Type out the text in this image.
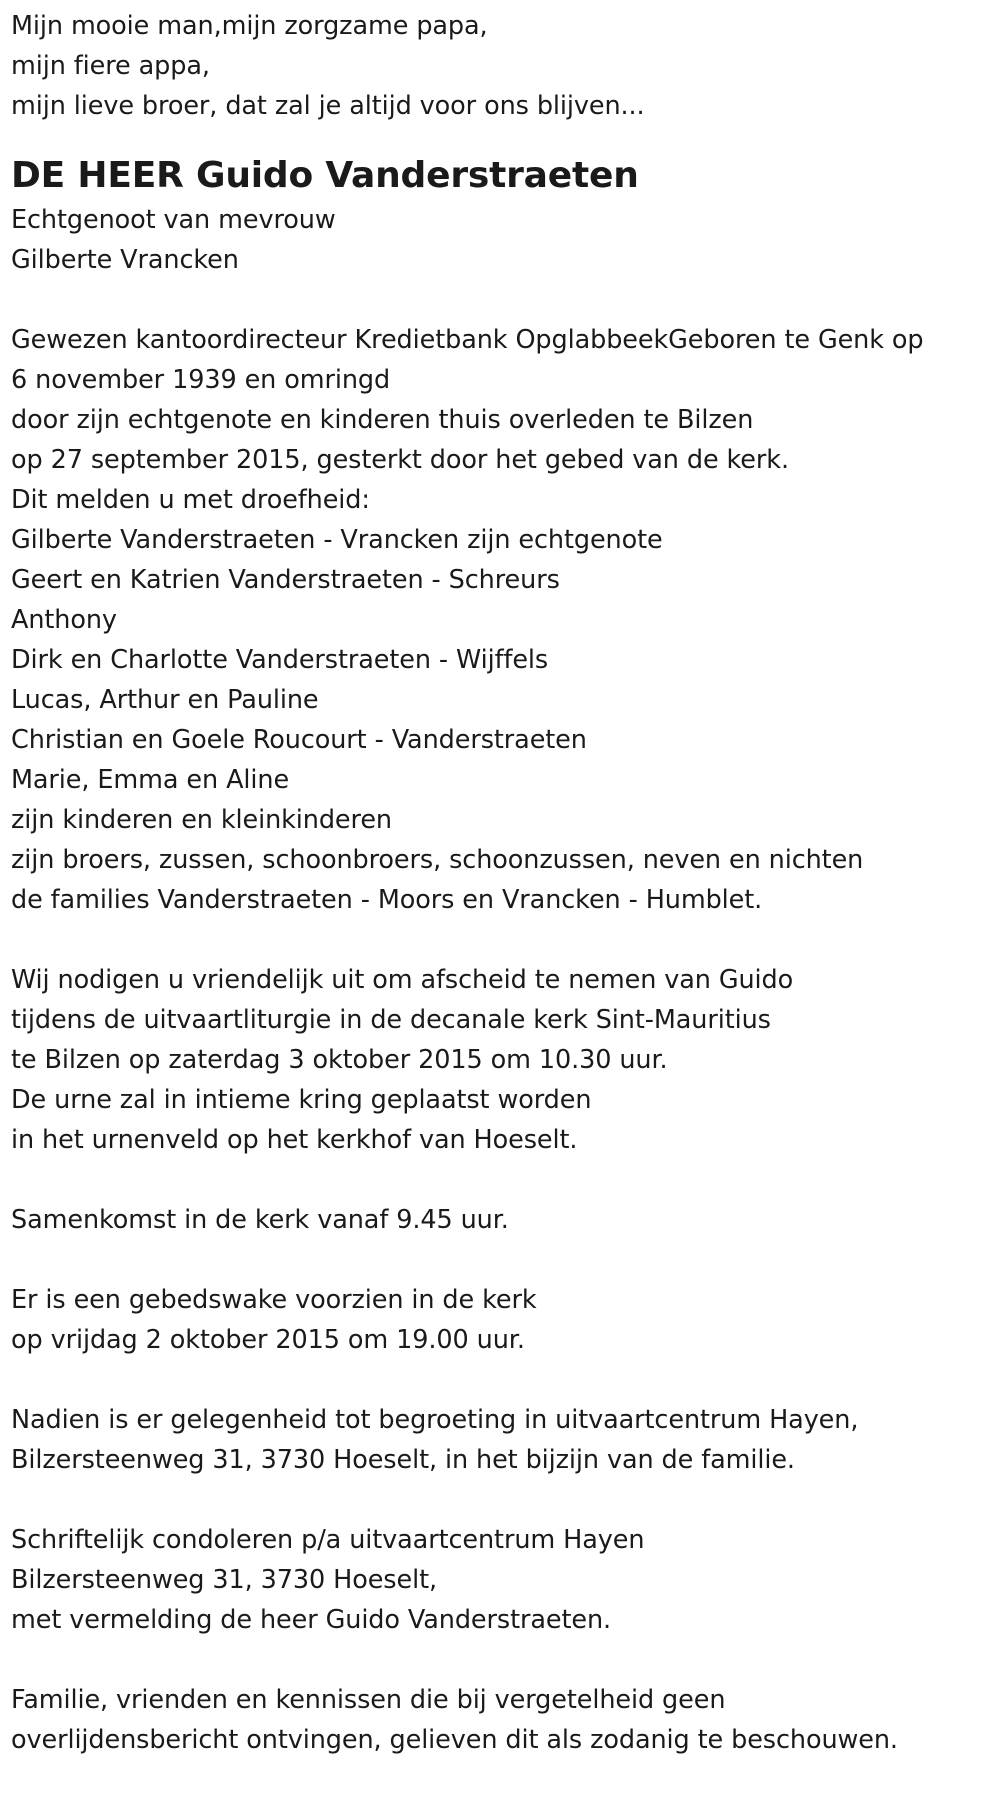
Mijn mooie man,mijn zorgzame papa,
mijn fiere appa,
mijn lieve broer, dat zal je altijd voor ons blijven...
DE HEER Guido Vanderstraeten
Echtgenoot van mevrouw
Gilberte Vrancken
Gewezen kantoordirecteur Kredietbank OpglabbeekGeboren te Genk op
6 november 1939 en omringd
door zijn echtgenote en kinderen thuis overleden te Bilzen
op 27 september 2015, gesterkt door het gebed van de kerk.
Dit melden u met droefheid:
Gilberte Vanderstraeten - Vrancken zijn echtgenote
Geert en Katrien Vanderstraeten - Schreurs
Anthony
Dirk en Charlotte Vanderstraeten - Wijffels
Lucas, Arthur en Pauline
Christian en Goele Roucourt - Vanderstraeten
Marie, Emma en Aline
zijn kinderen en kleinkinderen
zijn broers, zussen, schoonbroers, schoonzussen, neven en nichten
de families Vanderstraeten - Moors en Vrancken - Humblet.
Wij nodigen u vriendelijk uit om afscheid te nemen van Guido
tijdens de uitvaartliturgie in de decanale kerk Sint-Mauritius
te Bilzen op zaterdag 3 oktober 2015 om 10.30 uur.
De urne zal in intieme kring geplaatst worden
in het urnenveld op het kerkhof van Hoeselt.
Samenkomst in de kerk vanaf 9.45 uur.
Er is een gebedswake voorzien in de kerk
op vrijdag 2 oktober 2015 om 19.00 uur.
Nadien is er gelegenheid tot begroeting in uitvaartcentrum Hayen,
Bilzersteenweg 31, 3730 Hoeselt, in het bijzijn van de familie.
Schriftelijk condoleren p/a uitvaartcentrum Hayen
Bilzersteenweg 31, 3730 Hoeselt,
met vermelding de heer Guido Vanderstraeten.
Familie, vrienden en kennissen die bij vergetelheid geen
overlijdensbericht ontvingen, gelieven dit als zodanig te beschouwen.
